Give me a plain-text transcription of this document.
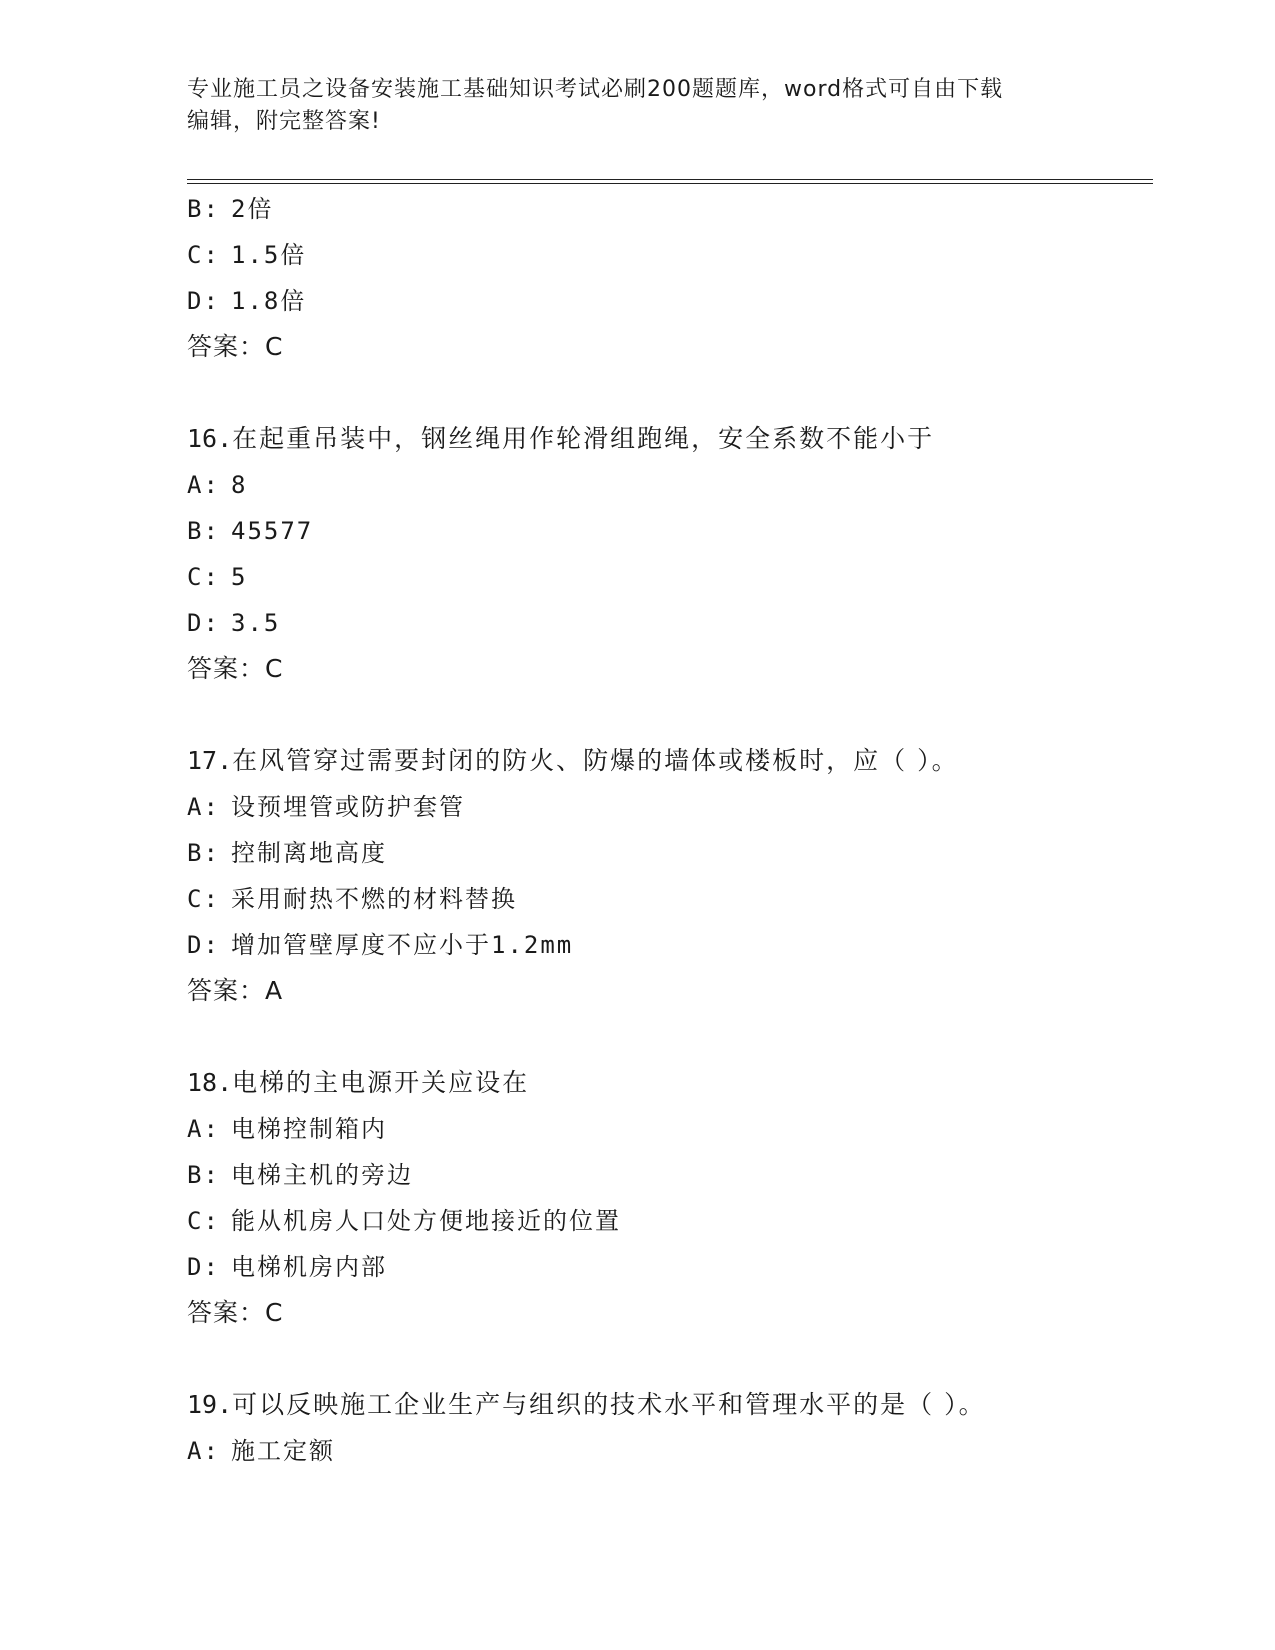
专业施工员之设备安装施工基础知识考试必刷200题题库，word格式可自由下载
编辑，附完整答案!
B: 2倍
C: 1.5倍
D: 1.8倍
答案：C
16.在起重吊装中，钢丝绳用作轮滑组跑绳，安全系数不能小于
A: 8
B: 45577
C: 5
D: 3.5
答案：C
17.在风管穿过需要封闭的防火、防爆的墙体或楼板时，应（ ）。
A: 设预埋管或防护套管
B: 控制离地高度
C: 采用耐热不燃的材料替换
D: 增加管壁厚度不应小于1.2mm
答案：A
18.电梯的主电源开关应设在
A: 电梯控制箱内
B: 电梯主机的旁边
C: 能从机房人口处方便地接近的位置
D: 电梯机房内部
答案：C
19.可以反映施工企业生产与组织的技术水平和管理水平的是（ ）。
A: 施工定额
